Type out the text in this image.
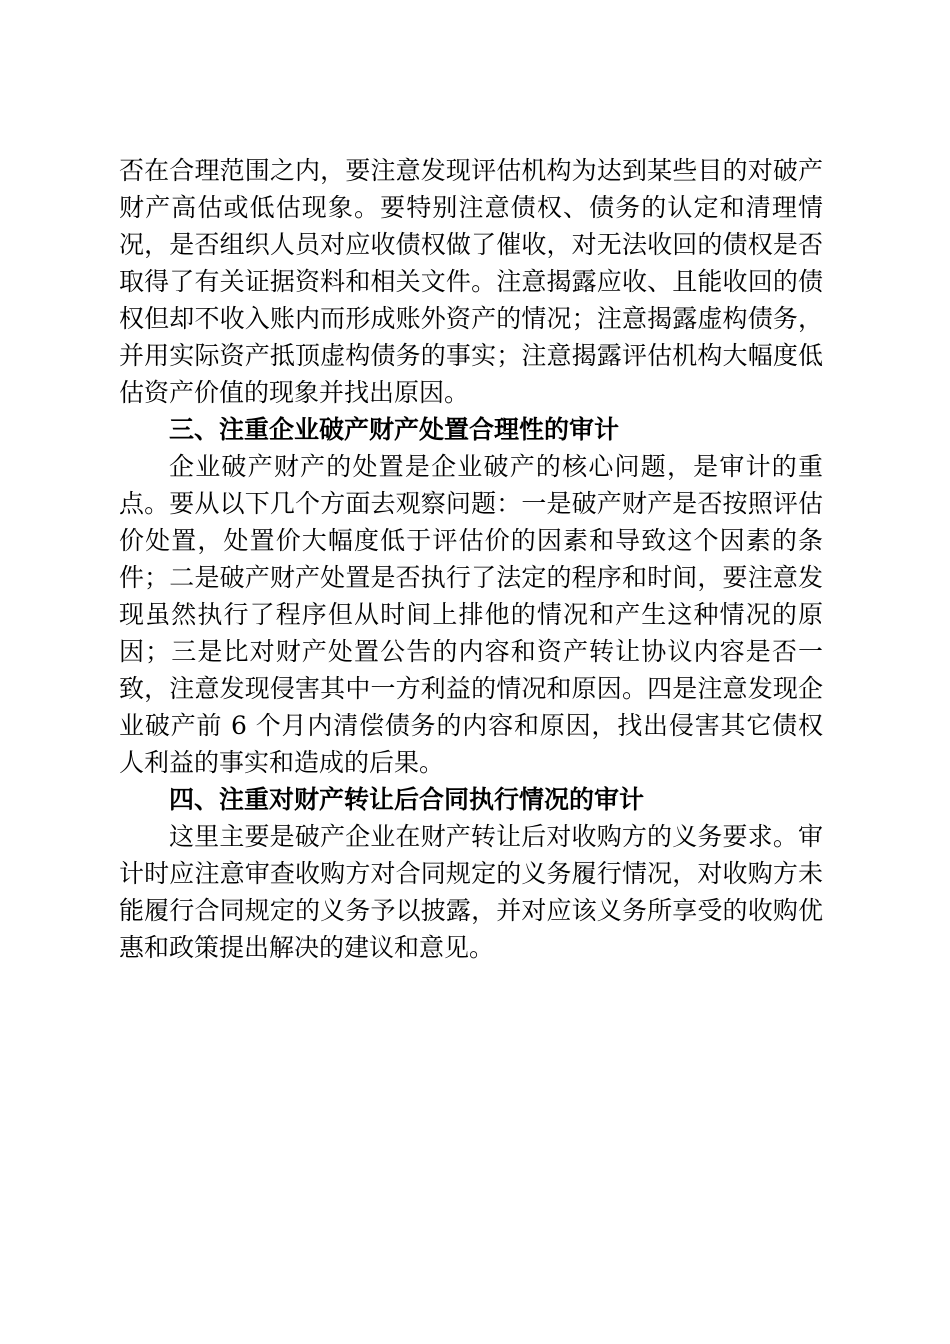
否在合理范围之内，要注意发现评估机构为达到某些目的对破产财产高估或低估现象。要特别注意债权、债务的认定和清理情况，是否组织人员对应收债权做了催收，对无法收回的债权是否取得了有关证据资料和相关文件。注意揭露应收、且能收回的债权但却不收入账内而形成账外资产的情况；注意揭露虚构债务，并用实际资产抵顶虚构债务的事实；注意揭露评估机构大幅度低估资产价值的现象并找出原因。

三、注重企业破产财产处置合理性的审计

企业破产财产的处置是企业破产的核心问题，是审计的重点。要从以下几个方面去观察问题：一是破产财产是否按照评估价处置，处置价大幅度低于评估价的因素和导致这个因素的条件；二是破产财产处置是否执行了法定的程序和时间，要注意发现虽然执行了程序但从时间上排他的情况和产生这种情况的原因；三是比对财产处置公告的内容和资产转让协议内容是否一致，注意发现侵害其中一方利益的情况和原因。四是注意发现企业破产前 6 个月内清偿债务的内容和原因，找出侵害其它债权人利益的事实和造成的后果。

四、注重对财产转让后合同执行情况的审计

这里主要是破产企业在财产转让后对收购方的义务要求。审计时应注意审查收购方对合同规定的义务履行情况，对收购方未能履行合同规定的义务予以披露，并对应该义务所享受的收购优惠和政策提出解决的建议和意见。
